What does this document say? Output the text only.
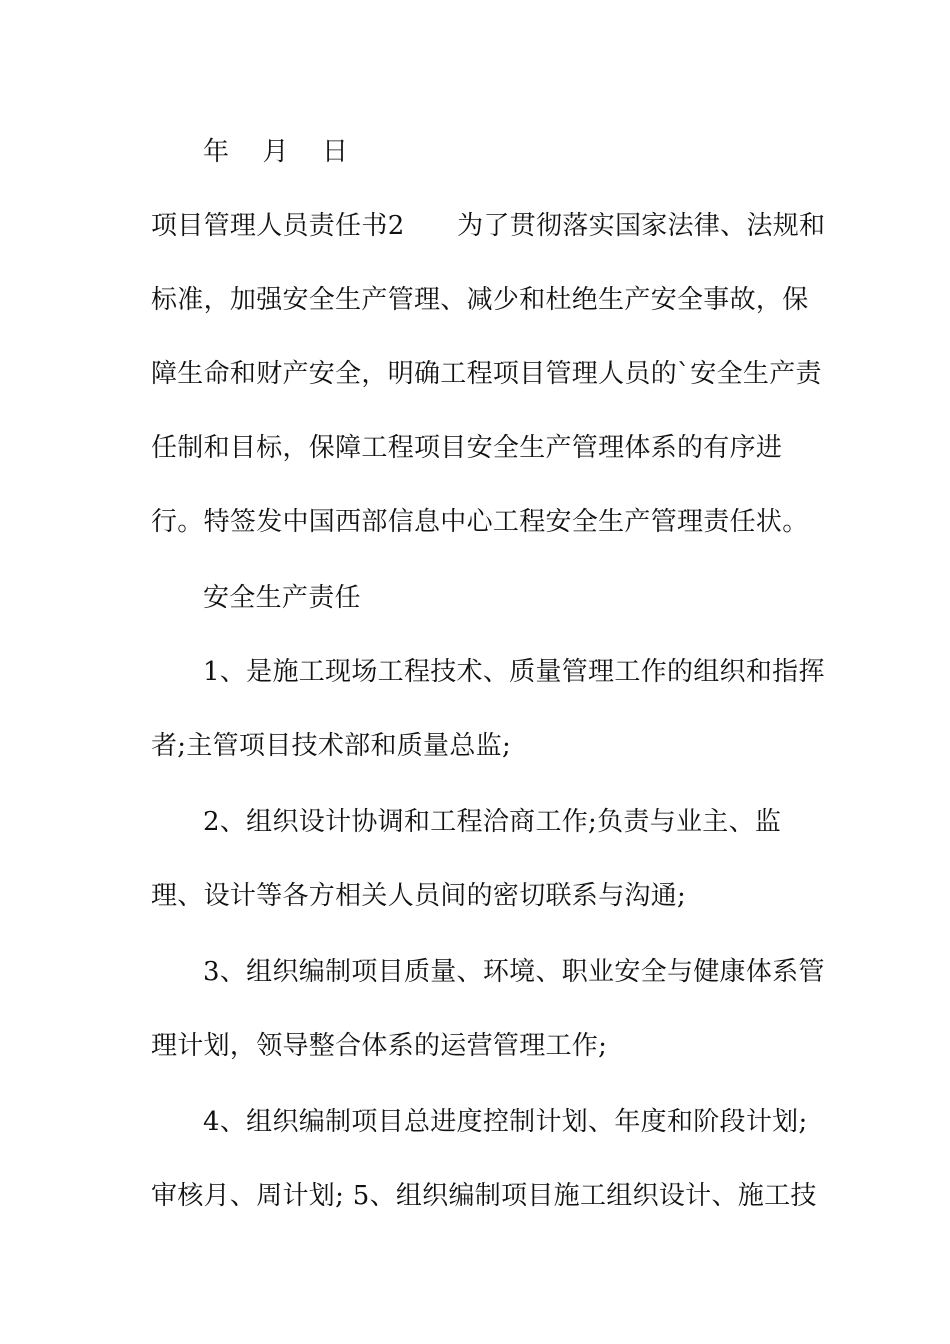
年 月 日
项目管理人员责任书2　　为了贯彻落实国家法律、法规和
标准，加强安全生产管理、减少和杜绝生产安全事故，保
障生命和财产安全，明确工程项目管理人员的`安全生产责
任制和目标，保障工程项目安全生产管理体系的有序进
行。特签发中国西部信息中心工程安全生产管理责任状。
安全生产责任
1、是施工现场工程技术、质量管理工作的组织和指挥
者;主管项目技术部和质量总监;
2、组织设计协调和工程洽商工作;负责与业主、监
理、设计等各方相关人员间的密切联系与沟通;
3、组织编制项目质量、环境、职业安全与健康体系管
理计划，领导整合体系的运营管理工作;
4、组织编制项目总进度控制计划、年度和阶段计划;
审核月、周计划; 5、组织编制项目施工组织设计、施工技
